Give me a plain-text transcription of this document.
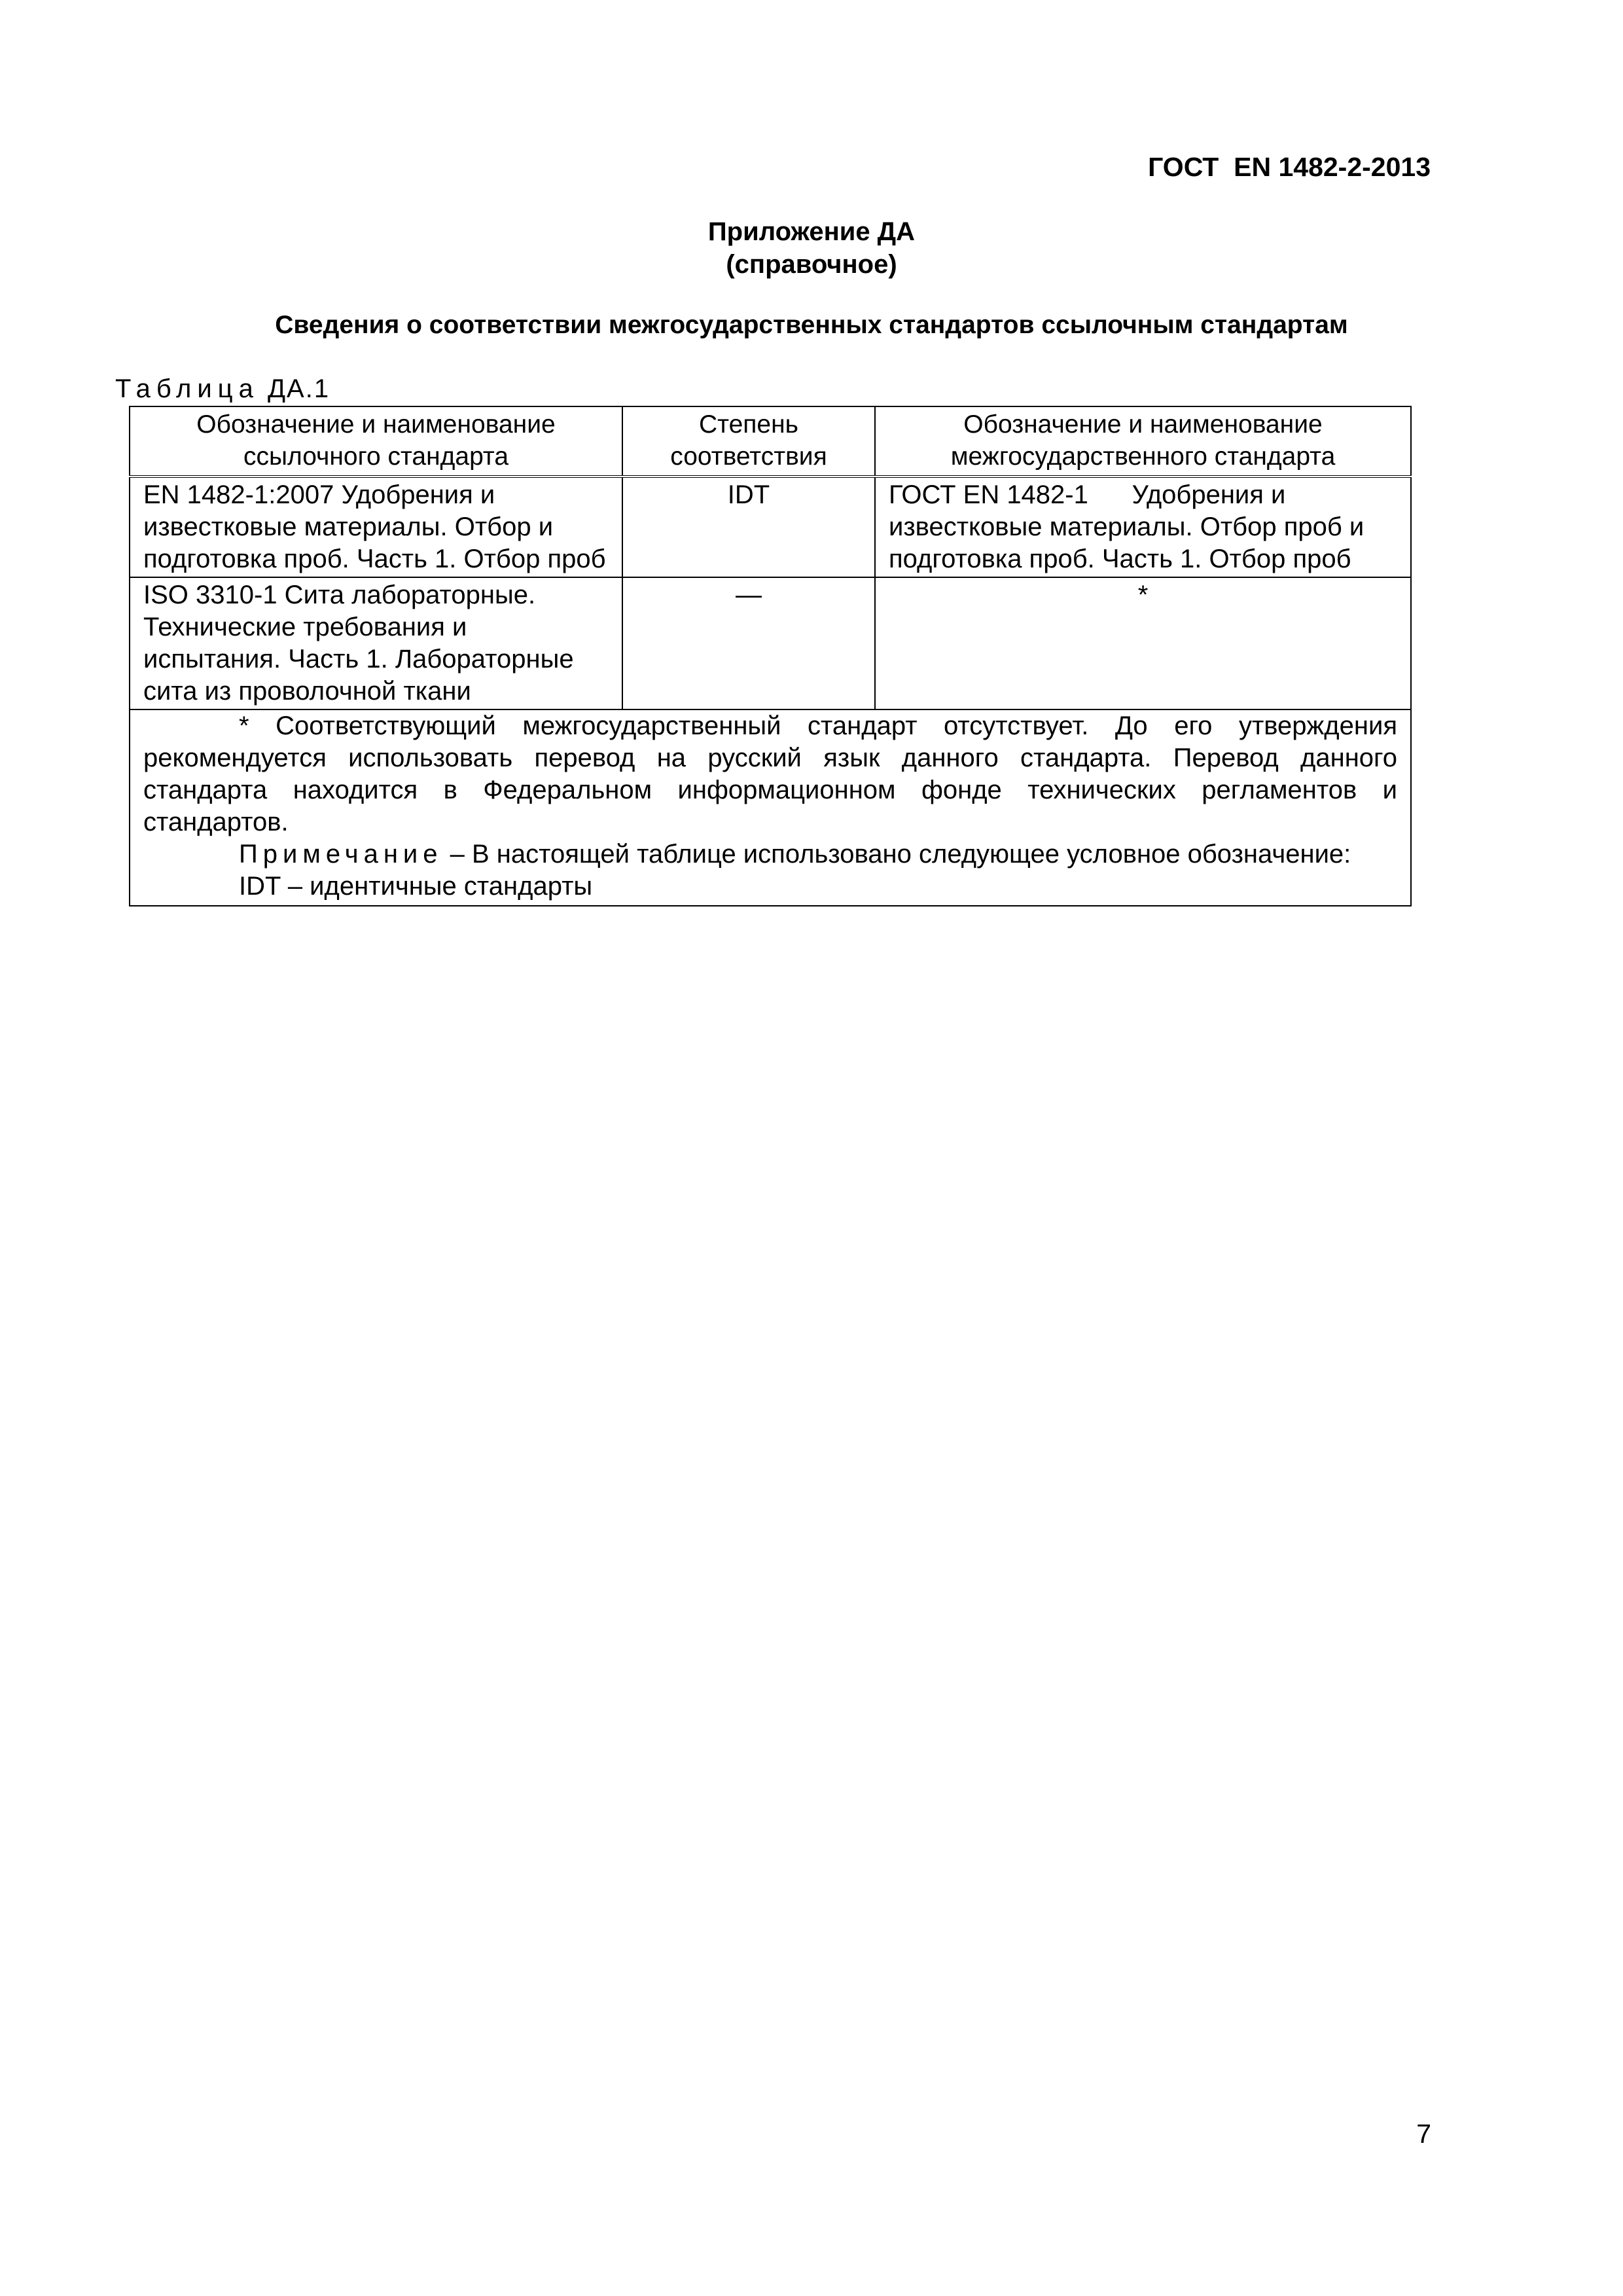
ГОСТ  EN 1482-2-2013
Приложение ДА
(справочное)
Сведения о соответствии межгосударственных стандартов ссылочным стандартам
Таблица ДА.1
Обозначение и наименование ссылочного стандарта	Степень соответствия	Обозначение и наименование межгосударственного стандарта
EN 1482-1:2007 Удобрения и известковые материалы. Отбор и подготовка проб. Часть 1. Отбор проб	IDT	ГОСТ EN 1482-1      Удобрения и известковые материалы. Отбор проб и подготовка проб. Часть 1. Отбор проб
ISO 3310-1 Сита лабораторные. Технические требования и испытания. Часть 1. Лабораторные сита из проволочной ткани	—	*

* Соответствующий межгосударственный стандарт отсутствует. До его утверждения рекомендуется использовать перевод на русский язык данного стандарта. Перевод данного стандарта находится в Федеральном информационном фонде технических регламентов и стандартов.

Примечание – В настоящей таблице использовано следующее условное обозначение:

IDT – идентичные стандарты		

7
